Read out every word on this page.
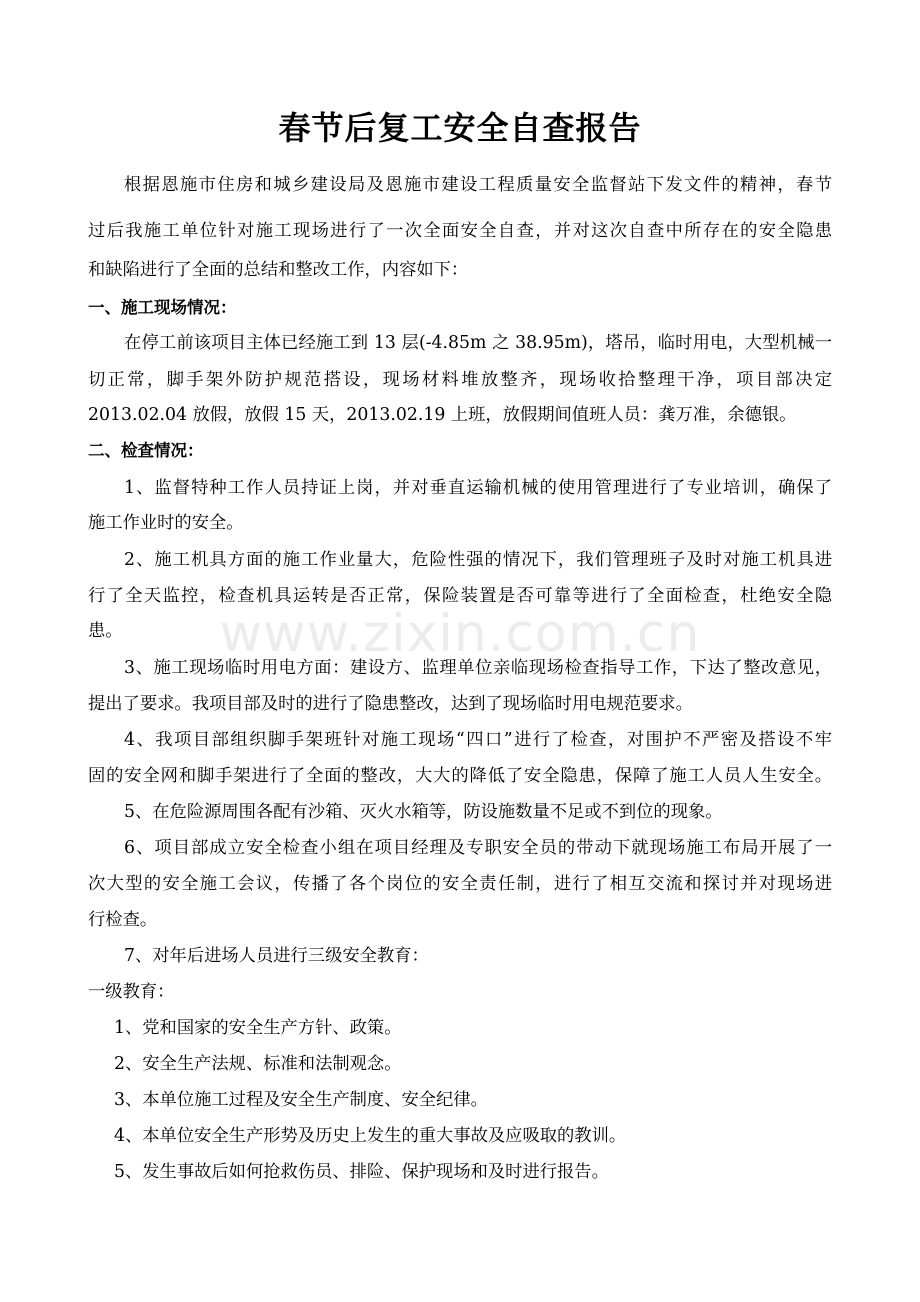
www.zixin.com.cn
春节后复工安全自查报告
根据恩施市住房和城乡建设局及恩施市建设工程质量安全监督站下发文件的精神，春节
过后我施工单位针对施工现场进行了一次全面安全自查，并对这次自查中所存在的安全隐患
和缺陷进行了全面的总结和整改工作，内容如下：
一、施工现场情况：
在停工前该项目主体已经施工到 13 层(-4.85m 之 38.95m)，塔吊，临时用电，大型机械一
切正常，脚手架外防护规范搭设，现场材料堆放整齐，现场收拾整理干净，项目部决定
2013.02.04 放假，放假 15 天，2013.02.19 上班，放假期间值班人员：龚万准，余德银。
二、检查情况：
1、监督特种工作人员持证上岗，并对垂直运输机械的使用管理进行了专业培训，确保了
施工作业时的安全。
2、施工机具方面的施工作业量大，危险性强的情况下，我们管理班子及时对施工机具进
行了全天监控，检查机具运转是否正常，保险装置是否可靠等进行了全面检查，杜绝安全隐
患。
3、施工现场临时用电方面：建设方、监理单位亲临现场检查指导工作，下达了整改意见，
提出了要求。我项目部及时的进行了隐患整改，达到了现场临时用电规范要求。
4、我项目部组织脚手架班针对施工现场“四口”进行了检查，对围护不严密及搭设不牢
固的安全网和脚手架进行了全面的整改，大大的降低了安全隐患，保障了施工人员人生安全。
5、在危险源周围各配有沙箱、灭火水箱等，防设施数量不足或不到位的现象。
6、项目部成立安全检查小组在项目经理及专职安全员的带动下就现场施工布局开展了一
次大型的安全施工会议，传播了各个岗位的安全责任制，进行了相互交流和探讨并对现场进
行检查。
7、对年后进场人员进行三级安全教育：
一级教育：
1、党和国家的安全生产方针、政策。
2、安全生产法规、标准和法制观念。
3、本单位施工过程及安全生产制度、安全纪律。
4、本单位安全生产形势及历史上发生的重大事故及应吸取的教训。
5、发生事故后如何抢救伤员、排险、保护现场和及时进行报告。
